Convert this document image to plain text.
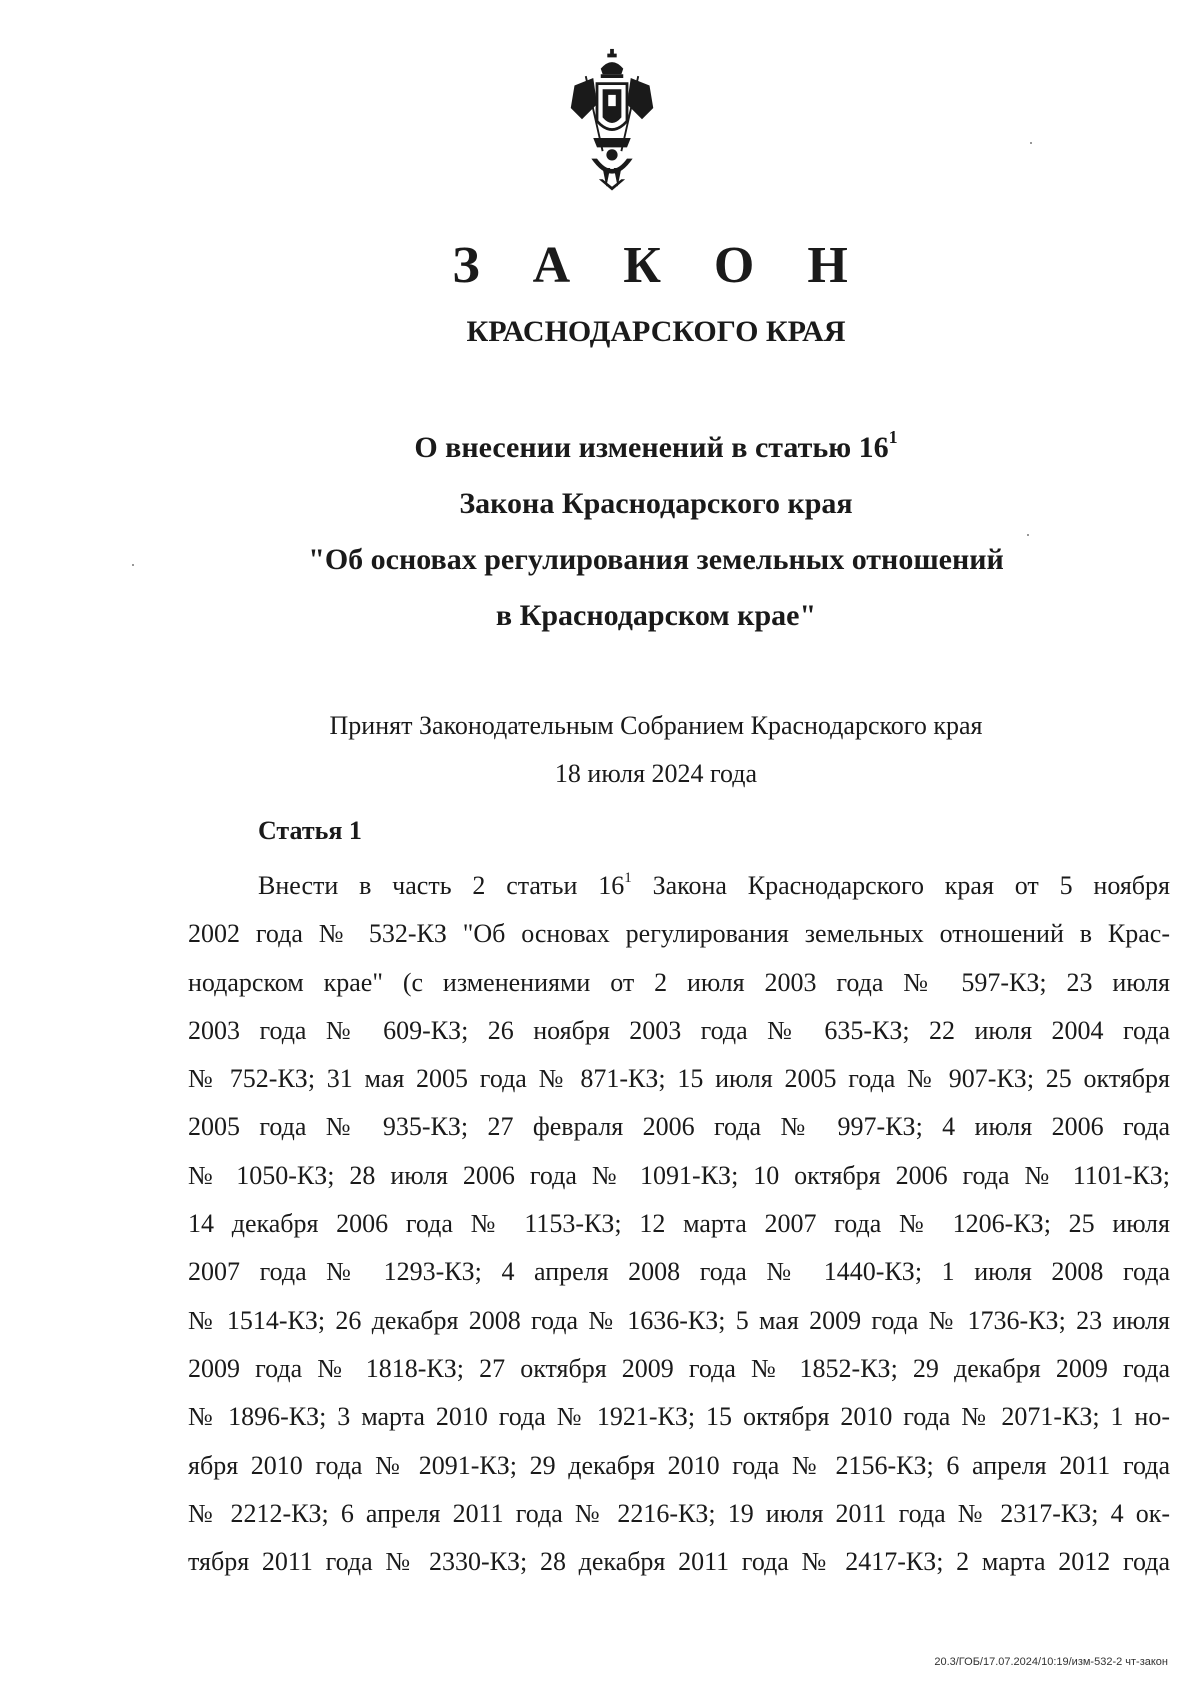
З А К О Н
КРАСНОДАРСКОГО КРАЯ
О внесении изменений в статью $16^1$
Закона Краснодарского края
"Об основах регулирования земельных отношений
в Краснодарском крае"
Принят Законодательным Собранием Краснодарского края
18 июля 2024 года
Статья 1
Внести в часть 2 статьи $16^1$ Закона Краснодарского края от 5 ноября
2002 года № 532-КЗ "Об основах регулирования земельных отношений в Крас-
нодарском крае" (с изменениями от 2 июля 2003 года № 597-КЗ; 23 июля
2003 года № 609-КЗ; 26 ноября 2003 года № 635-КЗ; 22 июля 2004 года
№ 752-КЗ; 31 мая 2005 года № 871-КЗ; 15 июля 2005 года № 907-КЗ; 25 октября
2005 года № 935-КЗ; 27 февраля 2006 года № 997-КЗ; 4 июля 2006 года
№ 1050-КЗ; 28 июля 2006 года № 1091-КЗ; 10 октября 2006 года № 1101-КЗ;
14 декабря 2006 года № 1153-КЗ; 12 марта 2007 года № 1206-КЗ; 25 июля
2007 года № 1293-КЗ; 4 апреля 2008 года № 1440-КЗ; 1 июля 2008 года
№ 1514-КЗ; 26 декабря 2008 года № 1636-КЗ; 5 мая 2009 года № 1736-КЗ; 23 июля
2009 года № 1818-КЗ; 27 октября 2009 года № 1852-КЗ; 29 декабря 2009 года
№ 1896-КЗ; 3 марта 2010 года № 1921-КЗ; 15 октября 2010 года № 2071-КЗ; 1 но-
ября 2010 года № 2091-КЗ; 29 декабря 2010 года № 2156-КЗ; 6 апреля 2011 года
№ 2212-КЗ; 6 апреля 2011 года № 2216-КЗ; 19 июля 2011 года № 2317-КЗ; 4 ок-
тября 2011 года № 2330-КЗ; 28 декабря 2011 года № 2417-КЗ; 2 марта 2012 года
20.3/ГОБ/17.07.2024/10:19/изм-532-2 чт-закон
